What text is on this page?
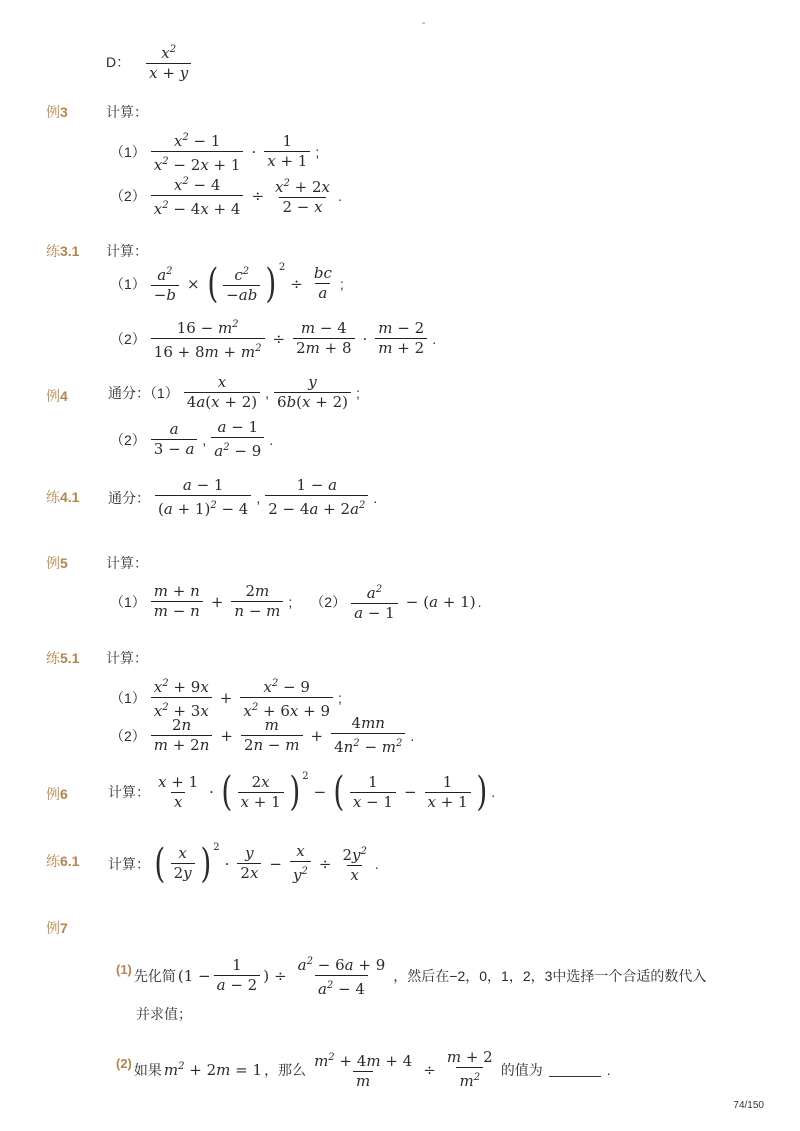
-
D： $\frac{x^2}{x + y}$
例3	计算：
$(1) \frac{x^2 - 1}{x^2 - 2x + 1} \cdot \frac{1}{x + 1}$ ;
$(2) \frac{x^2 - 4}{x^2 - 4x + 4} \div \frac{x^2 + 2x}{2 - x}$ .
练3.1 计算：
$(1) \frac{a^2}{-b}$ × ( $\frac{c^2}{-ab} )^2$
÷ $\frac{bc}{a}$ ;
$(2) \frac{16 - m^2}{16 + 8m + m^2} \div \frac{m - 4}{2m + 8} \cdot \frac{m - 2}{m + 2}$ .
例4	通分：$(1) \frac{x}{4a(x + 2)}$ , $\frac{y}{6b(x + 2)}$ ;
$(2) \frac{a}{3 - a}$ , $\frac{a - 1}{a^2 - 9}$ .
练4.1 通分： $\frac{a - 1}{(a + 1)^2 - 4}$ , $\frac{1 - a}{2 - 4a + 2a^2}$ .
例5	计算：
$(1) \frac{m + n}{m - n} + \frac{2m}{n - m}$ ; $(2) \frac{a^2}{a - 1} - (a + 1)$ .
练5.1 计算：
$(1) \frac{x^2 + 9x}{x^2 + 3x} + \frac{x^2 - 9}{x^2 + 6x + 9}$ ;
$(2) \frac{2n}{m + 2n} + \frac{m}{2n - m} + \frac{4mn}{4n^2 - m^2}$ .
例6	计算： $\frac{x + 1}{x}$ · ( $\frac{2x}{x + 1} )^2$
− ( $\frac{1}{x - 1} - \frac{1}{x + 1}$ ) .
练6.1 计算： ( $\frac{x}{2y} )^2$
· $\frac{y}{2x} - \frac{x}{y^2} \div \frac{2y^2}{x}$ .
例7
(1) 先化简 ($1 - \frac{1}{a - 2}$ ) ÷ $\frac{a^2 - 6a + 9}{a^2 - 4}$ ，然后在−2，0，1，2，3中选择一个合适的数代入
并求值；
(2) 如果 $m^2 + 2m = 1$ ，那么 $\frac{m^2 + 4m + 4}{m} \div \frac{m + 2}{m^2}$ 的值为	.
74/150
